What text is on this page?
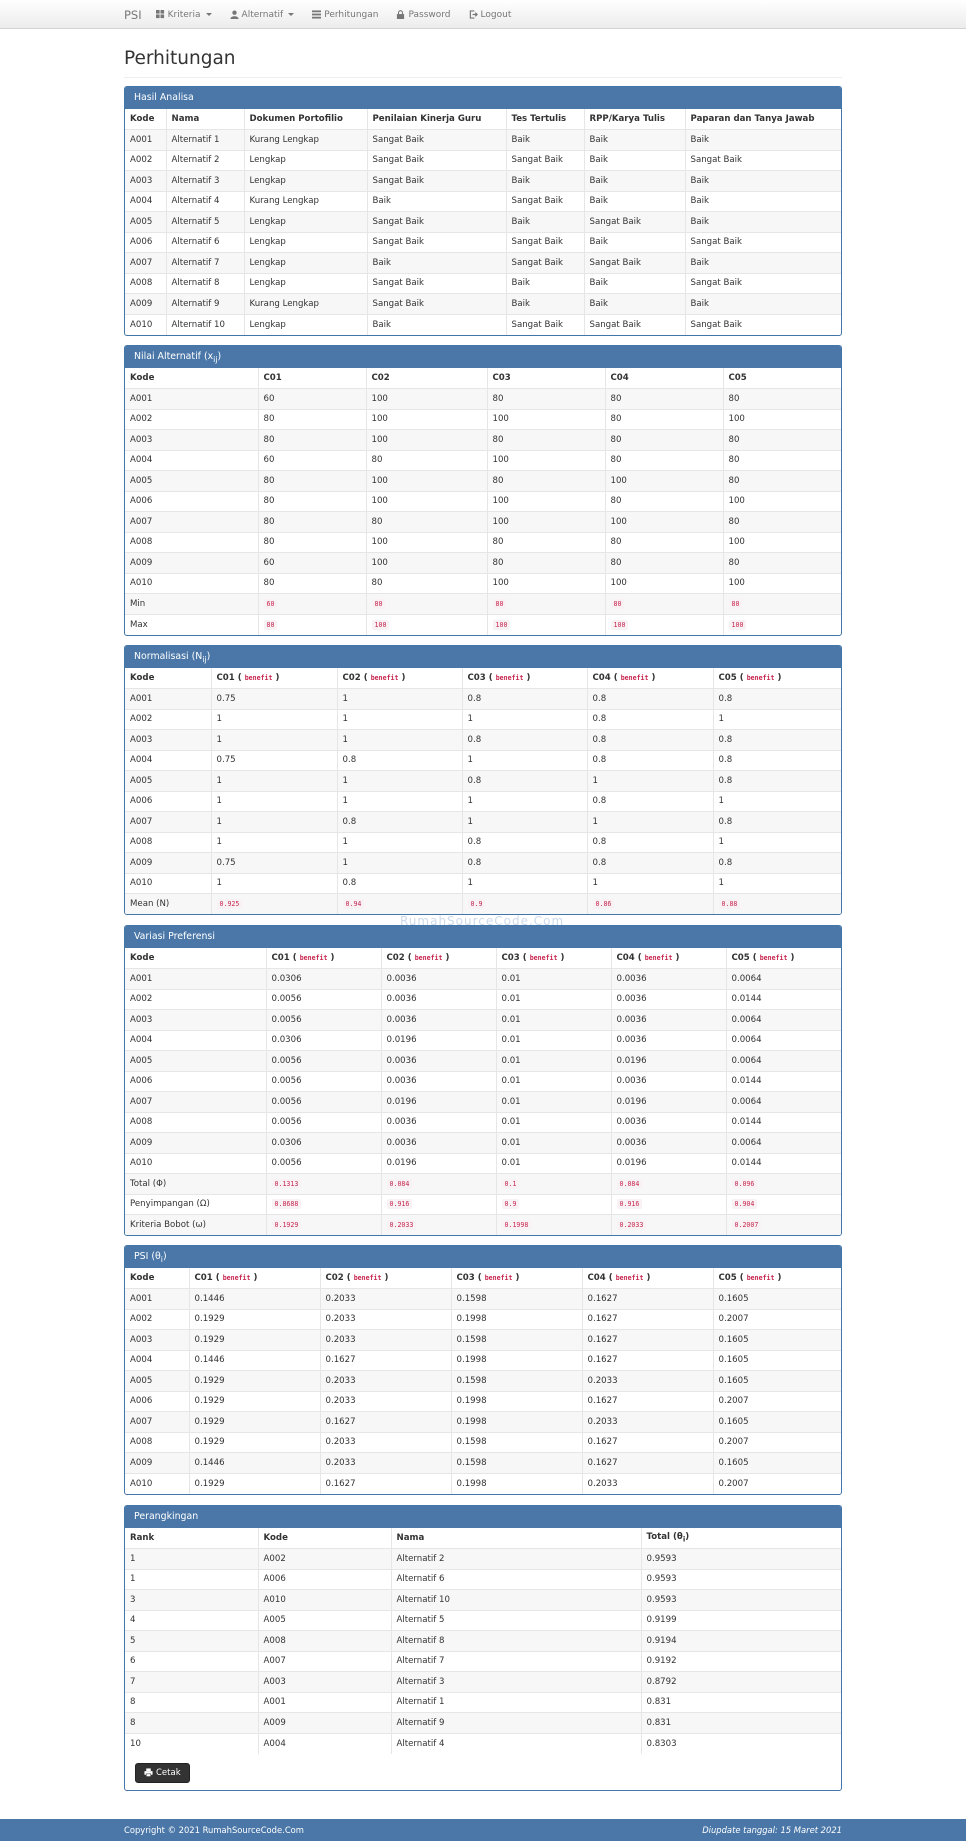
PSI	Kriteria	Alternatif	Perhitungan	Password	Logout
Perhitungan
Hasil Analisa
Kode	Nama	Dokumen Portofilio	Penilaian Kinerja Guru	Tes Tertulis	RPP/Karya Tulis	Paparan dan Tanya Jawab
A001	Alternatif 1	Kurang Lengkap	Sangat Baik	Baik	Baik	Baik
A002	Alternatif 2	Lengkap	Sangat Baik	Sangat Baik	Baik	Sangat Baik
A003	Alternatif 3	Lengkap	Sangat Baik	Baik	Baik	Baik
A004	Alternatif 4	Kurang Lengkap	Baik	Sangat Baik	Baik	Baik
A005	Alternatif 5	Lengkap	Sangat Baik	Baik	Sangat Baik	Baik
A006	Alternatif 6	Lengkap	Sangat Baik	Sangat Baik	Baik	Sangat Baik
A007	Alternatif 7	Lengkap	Baik	Sangat Baik	Sangat Baik	Baik
A008	Alternatif 8	Lengkap	Sangat Baik	Baik	Baik	Sangat Baik
A009	Alternatif 9	Kurang Lengkap	Sangat Baik	Baik	Baik	Baik
A010	Alternatif 10	Lengkap	Baik	Sangat Baik	Sangat Baik	Sangat Baik
Nilai Alternatif $(x_{ij})$
Kode	C01	C02	C03	C04	C05
A001	60	100	80	80	80
A002	80	100	100	80	100
A003	80	100	80	80	80
A004	60	80	100	80	80
A005	80	100	80	100	80
A006	80	100	100	80	100
A007	80	80	100	100	80
A008	80	100	80	80	100
A009	60	100	80	80	80
A010	80	80	100	100	100
Min	60	80	80	80	80
Max	80	100	100	100	100
Normalisasi $(N_{ij})$
Kode	C01 ( benefit )	C02 ( benefit )	C03 ( benefit )	C04 ( benefit )	C05 ( benefit )
A001	0.75	1	0.8	0.8	0.8
A002	1	1	1	0.8	1
A003	1	1	0.8	0.8	0.8
A004	0.75	0.8	1	0.8	0.8
A005	1	1	0.8	1	0.8
A006	1	1	1	0.8	1
A007	1	0.8	1	1	0.8
A008	1	1	0.8	0.8	1
A009	0.75	1	0.8	0.8	0.8
A010	1	0.8	1	1	1
Mean (N)	0.925	0.94	0.9	0.86	0.88
Variasi Preferensi
Kode	C01 ( benefit )	C02 ( benefit )	C03 ( benefit )	C04 ( benefit )	C05 ( benefit )
A001	0.0306	0.0036	0.01	0.0036	0.0064
A002	0.0056	0.0036	0.01	0.0036	0.0144
A003	0.0056	0.0036	0.01	0.0036	0.0064
A004	0.0306	0.0196	0.01	0.0036	0.0064
A005	0.0056	0.0036	0.01	0.0196	0.0064
A006	0.0056	0.0036	0.01	0.0036	0.0144
A007	0.0056	0.0196	0.01	0.0196	0.0064
A008	0.0056	0.0036	0.01	0.0036	0.0144
A009	0.0306	0.0036	0.01	0.0036	0.0064
A010	0.0056	0.0196	0.01	0.0196	0.0144
Total (Φ)	0.1313	0.084	0.1	0.084	0.096
Penyimpangan (Ω)	0.8688	0.916	0.9	0.916	0.904
Kriteria Bobot (ω)	0.1929	0.2033	0.1998	0.2033	0.2007
PSI $(\theta_i)$
Kode	C01 ( benefit )	C02 ( benefit )	C03 ( benefit )	C04 ( benefit )	C05 ( benefit )
A001	0.1446	0.2033	0.1598	0.1627	0.1605
A002	0.1929	0.2033	0.1998	0.1627	0.2007
A003	0.1929	0.2033	0.1598	0.1627	0.1605
A004	0.1446	0.1627	0.1998	0.1627	0.1605
A005	0.1929	0.2033	0.1598	0.2033	0.1605
A006	0.1929	0.2033	0.1998	0.1627	0.2007
A007	0.1929	0.1627	0.1998	0.2033	0.1605
A008	0.1929	0.2033	0.1598	0.1627	0.2007
A009	0.1446	0.2033	0.1598	0.1627	0.1605
A010	0.1929	0.1627	0.1998	0.2033	0.2007
Perangkingan
Rank	Kode	Nama	Total $(\theta_i)$
1	A002	Alternatif 2	0.9593
1	A006	Alternatif 6	0.9593
3	A010	Alternatif 10	0.9593
4	A005	Alternatif 5	0.9199
5	A008	Alternatif 8	0.9194
6	A007	Alternatif 7	0.9192
7	A003	Alternatif 3	0.8792
8	A001	Alternatif 1	0.831
8	A009	Alternatif 9	0.831
10	A004	Alternatif 4	0.8303
Cetak
RumahSourceCode.Com
Copyright © 2021 RumahSourceCode.Com	Diupdate tanggal: 15 Maret 2021
